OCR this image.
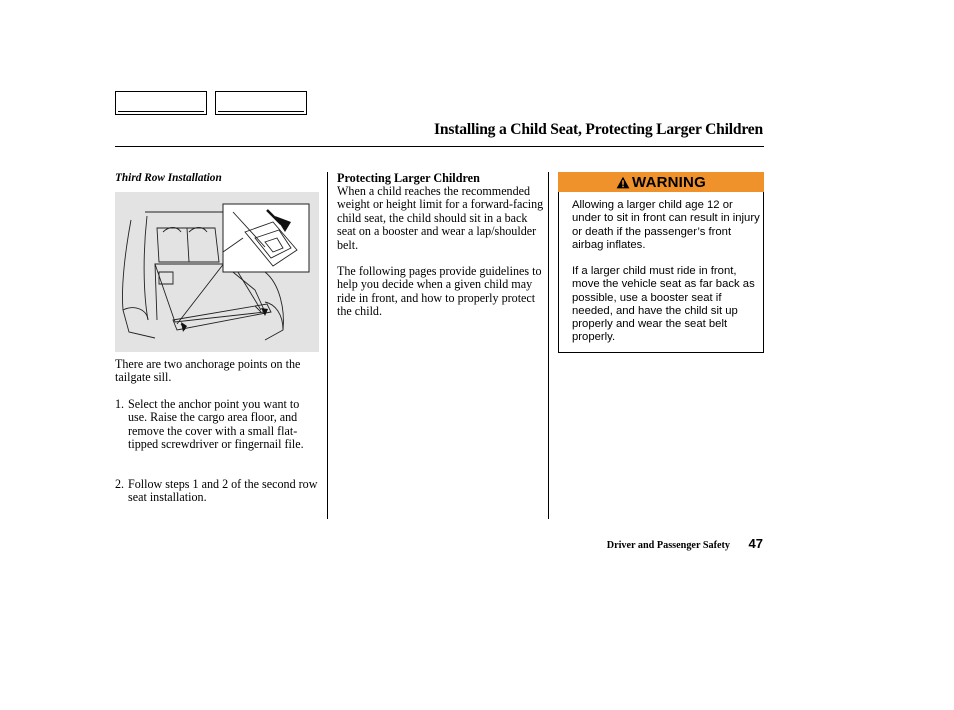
Installing a Child Seat, Protecting Larger Children
Third Row Installation
There are two anchorage points on the tailgate sill.
1. Select the anchor point you want to use. Raise the cargo area floor, and remove the cover with a small flat-tipped screwdriver or fingernail file.
2. Follow steps 1 and 2 of the second row seat installation.
Protecting Larger Children
When a child reaches the recommended weight or height limit for a forward-facing child seat, the child should sit in a back seat on a booster and wear a lap/shoulder belt.
The following pages provide guidelines to help you decide when a given child may ride in front, and how to properly protect the child.
WARNING
Allowing a larger child age 12 or under to sit in front can result in injury or death if the passenger’s front airbag inflates.
If a larger child must ride in front, move the vehicle seat as far back as possible, use a booster seat if needed, and have the child sit up properly and wear the seat belt properly.
Driver and Passenger Safety 47
